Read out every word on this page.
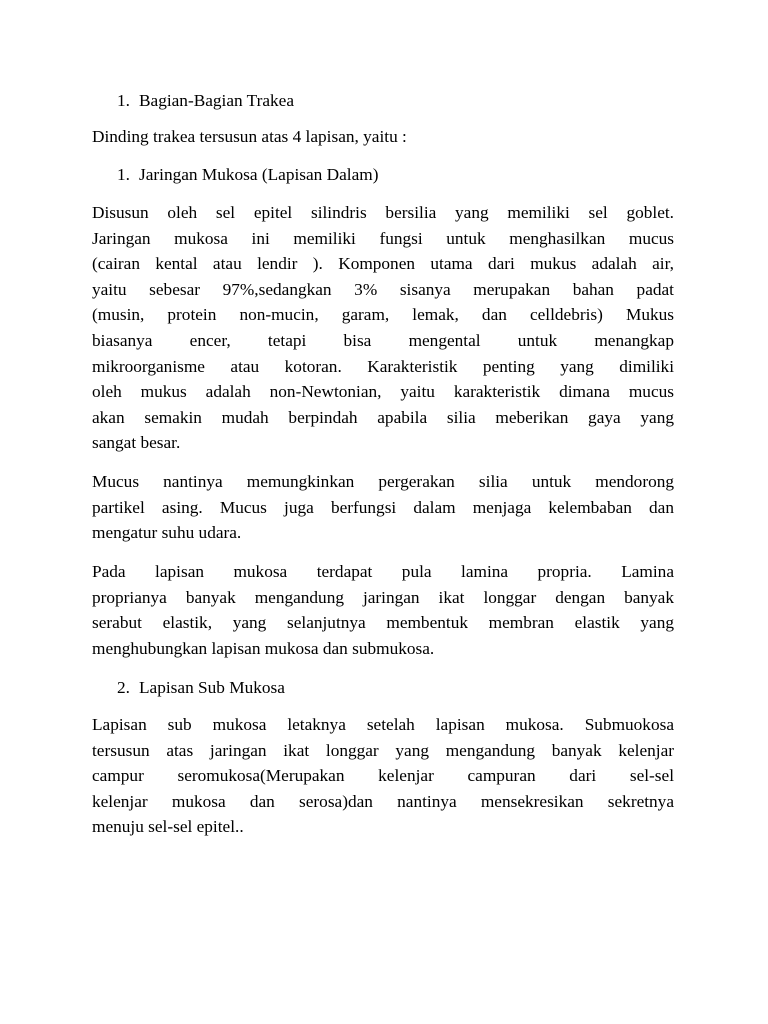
1. Bagian-Bagian Trakea
Dinding trakea tersusun atas 4 lapisan, yaitu :
1. Jaringan Mukosa (Lapisan Dalam)
Disusun oleh sel epitel silindris bersilia yang memiliki sel goblet.
Jaringan mukosa ini memiliki fungsi untuk menghasilkan mucus
(cairan kental atau lendir ). Komponen utama dari mukus adalah air,
yaitu sebesar 97%,sedangkan 3% sisanya merupakan bahan padat
(musin, protein non-mucin, garam, lemak, dan celldebris) Mukus
biasanya encer, tetapi bisa mengental untuk menangkap
mikroorganisme atau kotoran. Karakteristik penting yang dimiliki
oleh mukus adalah non-Newtonian, yaitu karakteristik dimana mucus
akan semakin mudah berpindah apabila silia meberikan gaya yang
sangat besar.
Mucus nantinya memungkinkan pergerakan silia untuk mendorong
partikel asing. Mucus juga berfungsi dalam menjaga kelembaban dan
mengatur suhu udara.
Pada lapisan mukosa terdapat pula lamina propria. Lamina
proprianya banyak mengandung jaringan ikat longgar dengan banyak
serabut elastik, yang selanjutnya membentuk membran elastik yang
menghubungkan lapisan mukosa dan submukosa.
2. Lapisan Sub Mukosa
Lapisan sub mukosa letaknya setelah lapisan mukosa. Submuokosa
tersusun atas jaringan ikat longgar yang mengandung banyak kelenjar
campur seromukosa(Merupakan kelenjar campuran dari sel-sel
kelenjar mukosa dan serosa)dan nantinya mensekresikan sekretnya
menuju sel-sel epitel..
